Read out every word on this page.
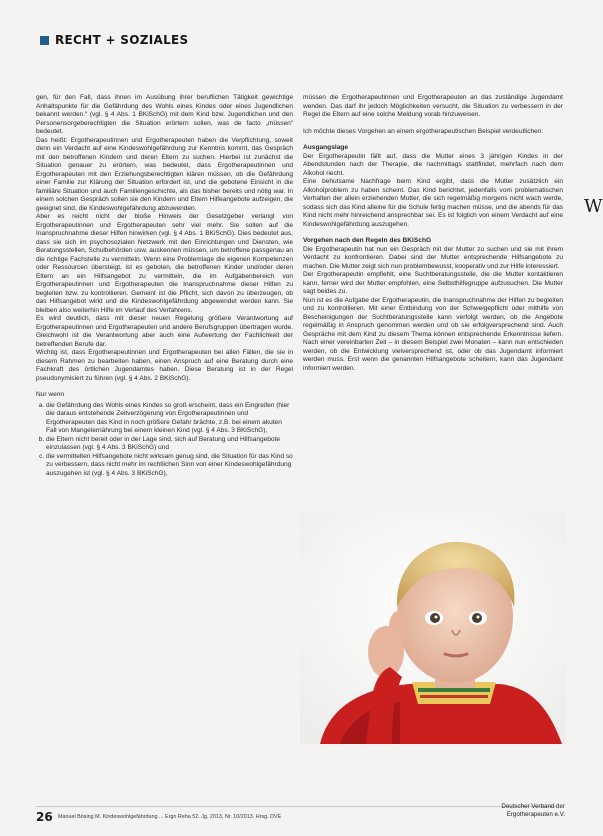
RECHT + SOZIALES

gen, für den Fall, dass ihnen im Ausübung ihrer beruflichen Tätigkeit gewichtige Anhaltspunkte für die Gefährdung des Wohls eines Kindes oder eines Jugendlichen bekannt werden.“ (vgl. § 4 Abs. 1 BKiSchG) mit dem Kind bzw. Jugendlichen und den Personensorgeberechtigten die Situation erörtern sollen, was de facto „müssen“ bedeutet.

Das heißt: Ergotherapeutinnen und Ergotherapeuten haben die Verpflichtung, soweit denn ein Verdacht auf eine Kindeswohlgefährdung zur Kenntnis kommt, das Gespräch mit den betroffenen Kindern und deren Eltern zu suchen. Hierbei ist zunächst die Situation genauer zu erörtern, was bedeutet, dass Ergotherapeutinnen und Ergotherapeuten mit den Erziehungsberechtigten klären müssen, ob die Gefährdung einer Familie zur Klärung der Situation erfordert ist, und die gebotene Einsicht in die familiäre Situation und auch Familiengeschichte, als das bisher bereits und nötig war. In einem solchen Gespräch sollen sie den Kindern und Eltern Hilfeangebote aufzeigen, die geeignet sind, die Kindeswohlgefährdung abzuwenden.

Aber es reicht nicht der bloße Hinweis der Gesetzgeber verlangt von Ergotherapeutinnen und Ergotherapeuten sehr viel mehr. Sie sollen auf die Inanspruchnahme dieser Hilfen hinwirken (vgl. § 4 Abs. 1 BKiSchG). Dies bedeutet aus, dass sie sich im psychosozialen Netzwerk mit den Einrichtungen und Diensten, wie Beratungsstellen, Schulbehörden usw. auskennen müssen, um betroffene passgenau an die richtige Fachstelle zu vermitteln. Wenn eine Problemlage die eigenen Kompetenzen oder Ressourcen übersteigt, ist es geboten, die betroffenen Kinder und/oder deren Eltern an ein Hilfsangebot zu vermitteln, die im Aufgabenbereich von Ergotherapeutinnen und Ergotherapeuten die Inanspruchnahme dieser Hilfen zu begleiten bzw. zu kontrollieren. Gemeint ist die Pflicht, sich davon zu überzeugen, ob das Hilfsangebot wirkt und die Kindeswohlgefährdung abgewendet werden kann. Sie bleiben also weiterhin Hilfe im Verlauf des Verfahrens.

Es wird deutlich, dass mit dieser neuen Regelung größere Verantwortung auf Ergotherapeutinnen und Ergotherapeuten und andere Berufsgruppen übertragen wurde. Gleichwohl ist die Verantwortung aber auch eine Aufwertung der Fachlichkeit der betreffenden Berufe dar.

Wichtig ist, dass Ergotherapeutinnen und Ergotherapeuten bei allen Fällen, die sie in diesem Rahmen zu bearbeiten haben, einen Anspruch auf eine Beratung durch eine Fachkraft des örtlichen Jugendamtes haben. Diese Beratung ist in der Regel pseudonymisiert zu führen (vgl. § 4 Abs. 2 BKiSchG).

Nur wenn

a. die Gefährdung des Wohls eines Kindes so groß erscheint, dass ein Eingreifen (hier die daraus entstehende Zeitverzögerung von Ergotherapeutinnen und Ergotherapeuten das Kind in noch größere Gefahr brächte, z.B. bei einem akuten Fall von Mangelernährung bei einem kleinen Kind (vgl. § 4 Abs. 3 BKiSchG),
b. die Eltern nicht bereit oder in der Lage sind, sich auf Beratung und Hilfsangebote einzulassen (vgl. § 4 Abs. 3 BKiSchG) und
c. die vermittelten Hilfsangebote nicht wirksam genug sind, die Situation für das Kind so zu verbessern, dass nicht mehr im rechtlichen Sinn von einer Kindeswohlgefährdung auszugehen ist (vgl. § 4 Abs. 3 BKiSchG),

müssen die Ergotherapeutinnen und Ergotherapeuten an das zuständige Jugendamt wenden. Das darf ihr jedoch Möglichkeiten versucht, die Situation zu verbessern in der Regel die Eltern auf eine solche Meldung vorab hinzuweisen.

Ich möchte dieses Vorgehen an einem ergotherapeutischen Beispiel verdeutlichen:

Ausgangslage

Der Ergotherapeutin fällt auf, dass die Mutter eines 3 jährigen Kindes in der Abendstunden nach der Therapie, die nachmittags stattfindet, mehrfach nach dem Alkohol riecht.

Eine behutsame Nachfrage beim Kind ergibt, dass die Mutter zusätzlich ein Alkoholproblem zu haben scheint. Das Kind berichtet, jedenfalls vom problematischen Verhalten der allein erziehenden Mutter, die sich regelmäßig morgens nicht wach werde, sodass sich das Kind alleine für die Schule fertig machen müsse, und die abends für das Kind nicht mehr hinreichend ansprechbar sei. Es ist folglich von einem Verdacht auf eine Kindeswohlgefährdung auszugehen.

Vorgehen nach den Regeln des BKiSchG

Die Ergotherapeutin hat nun ein Gespräch mit der Mutter zu suchen und sie mit ihrem Verdacht zu konfrontieren. Dabei sind der Mutter entsprechende Hilfsangebote zu machen. Die Mutter zeigt sich nun problembewusst, kooperativ und zur Hilfe interessiert.

Der Ergotherapeutin empfiehlt, eine Suchtberatungsstelle, die die Mutter kontaktieren kann, ferner wird der Mutter empfohlen, eine Selbsthilfegruppe aufzusuchen. Die Mutter sagt beides zu.

Nun ist es die Aufgabe der Ergotherapeutin, die Inanspruchnahme der Hilfen zu begleiten und zu kontrollieren. Mit einer Entbindung von der Schweigepflicht oder mithilfe von Bescheinigungen der Suchtberatungsstelle kann verfolgt werden, ob die Angebote regelmäßig in Anspruch genommen werden und ob sie erfolgversprechend sind. Auch Gespräche mit dem Kind zu diesem Thema können entsprechende Erkenntnisse liefern. Nach einer vereinbarten Zeit – in diesem Beispiel zwei Monaten – kann nun entschieden werden, ob die Entwicklung vielversprechend ist, oder ob das Jugendamt informiert werden muss. Erst wenn die genannten Hilfsangebote scheitern, kann das Jugendamt informiert werden.

26 Manuel Bösing M. Kindeswohlgefährdung ... Ergo Reha 52. Jg. 2013, Nr. 10/2013. Hrsg. DVE
Deutscher Verband der
Ergotherapeuten e.V.
W
